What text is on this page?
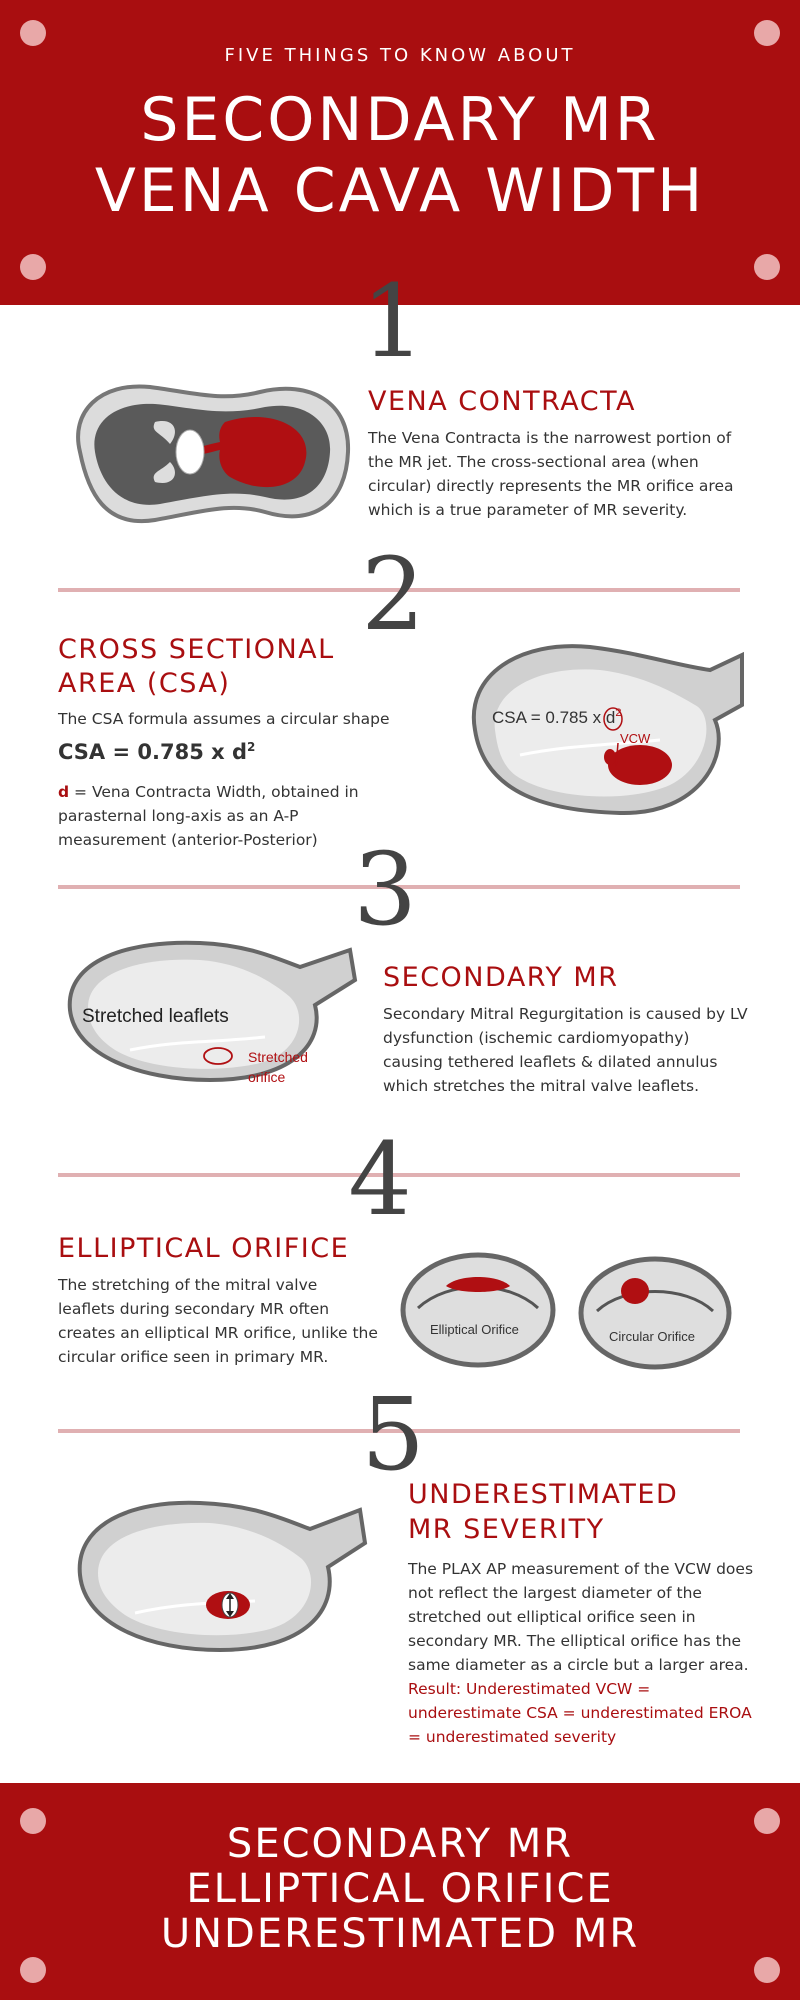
FIVE THINGS TO KNOW ABOUT
SECONDARY MR
VENA CAVA WIDTH
1
VENA CONTRACTA
The Vena Contracta is the narrowest portion of the MR jet. The cross-sectional area (when circular) directly represents the MR orifice area which is a true parameter of MR severity.
2
CROSS SECTIONAL
AREA (CSA)
The CSA formula assumes a circular shape
CSA = 0.785 x $d^2$
d = Vena Contracta Width, obtained in parasternal long-axis as an A-P measurement (anterior-Posterior)
CSA = 0.785 x $d^2$
VCW
3
Stretched leaflets
Stretched
orifice
SECONDARY MR
Secondary Mitral Regurgitation is caused by LV dysfunction (ischemic cardiomyopathy) causing tethered leaflets & dilated annulus which stretches the mitral valve leaflets.
4
ELLIPTICAL ORIFICE
The stretching of the mitral valve leaflets during secondary MR often creates an elliptical MR orifice, unlike the circular orifice seen in primary MR.
Elliptical Orifice	Circular Orifice
5
UNDERESTIMATED
MR SEVERITY
The PLAX AP measurement of the VCW does not reflect the largest diameter of the stretched out elliptical orifice seen in secondary MR. The elliptical orifice has the same diameter as a circle but a larger area.
Result: Underestimated VCW = underestimate CSA = underestimated EROA = underestimated severity
SECONDARY MR
ELLIPTICAL ORIFICE
UNDERESTIMATED MR
